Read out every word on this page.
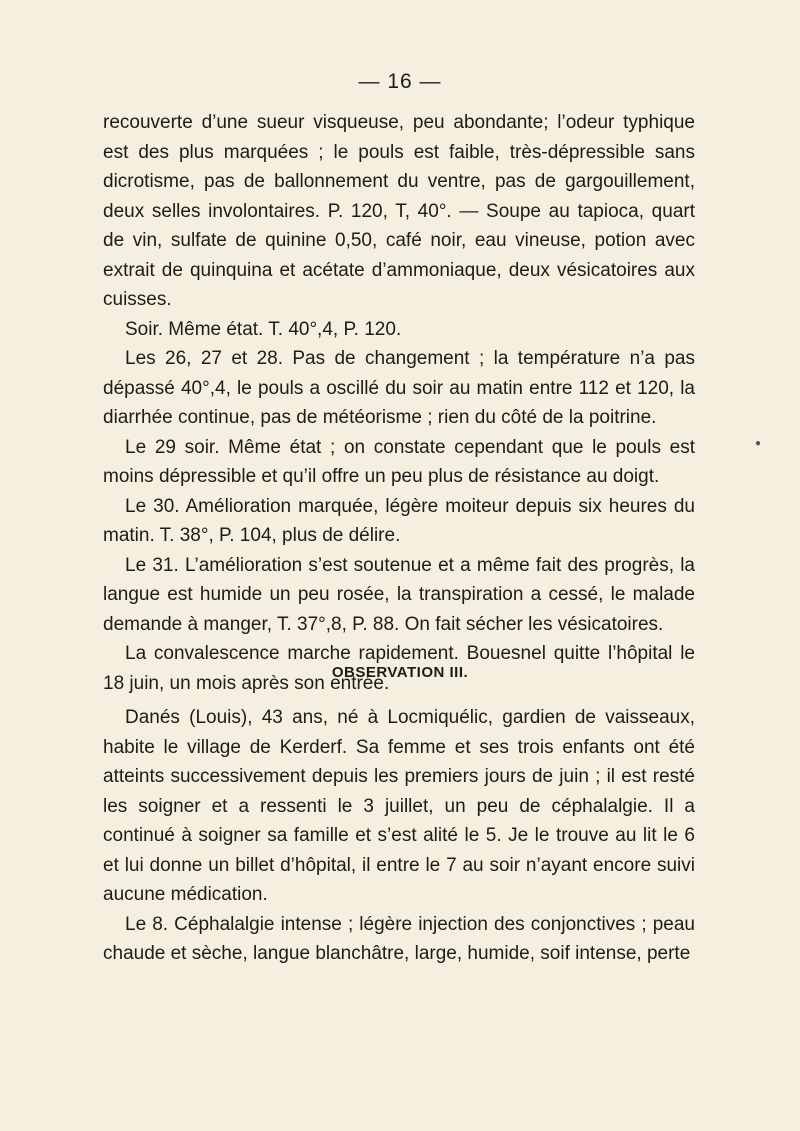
— 16 —

recouverte d’une sueur visqueuse, peu abondante; l’odeur typhique est des plus marquées ; le pouls est faible, très-dépressible sans dicrotisme, pas de ballonnement du ventre, pas de gargouillement, deux selles involontaires. P. 120, T, 40°. — Soupe au tapioca, quart de vin, sulfate de quinine 0,50, café noir, eau vineuse, potion avec extrait de quinquina et acétate d’ammoniaque, deux vésicatoires aux cuisses.

Soir. Même état. T. 40°,4, P. 120.

Les 26, 27 et 28. Pas de changement ; la température n’a pas dépassé 40°,4, le pouls a oscillé du soir au matin entre 112 et 120, la diarrhée continue, pas de météorisme ; rien du côté de la poitrine.

Le 29 soir. Même état ; on constate cependant que le pouls est moins dépressible et qu’il offre un peu plus de résistance au doigt.

Le 30. Amélioration marquée, légère moiteur depuis six heures du matin. T. 38°, P. 104, plus de délire.

Le 31. L’amélioration s’est soutenue et a même fait des progrès, la langue est humide un peu rosée, la transpiration a cessé, le malade demande à manger, T. 37°,8, P. 88. On fait sécher les vésicatoires.

La convalescence marche rapidement. Bouesnel quitte l’hôpital le 18 juin, un mois après son entrée.

●
OBSERVATION III.

Danés (Louis), 43 ans, né à Locmiquélic, gardien de vaisseaux, habite le village de Kerderf. Sa femme et ses trois enfants ont été atteints successivement depuis les premiers jours de juin ; il est resté les soigner et a ressenti le 3 juillet, un peu de céphalalgie. Il a continué à soigner sa famille et s’est alité le 5. Je le trouve au lit le 6 et lui donne un billet d’hôpital, il entre le 7 au soir n’ayant encore suivi aucune médication.

Le 8. Céphalalgie intense ; légère injection des conjonctives ; peau chaude et sèche, langue blanchâtre, large, humide, soif intense, perte
